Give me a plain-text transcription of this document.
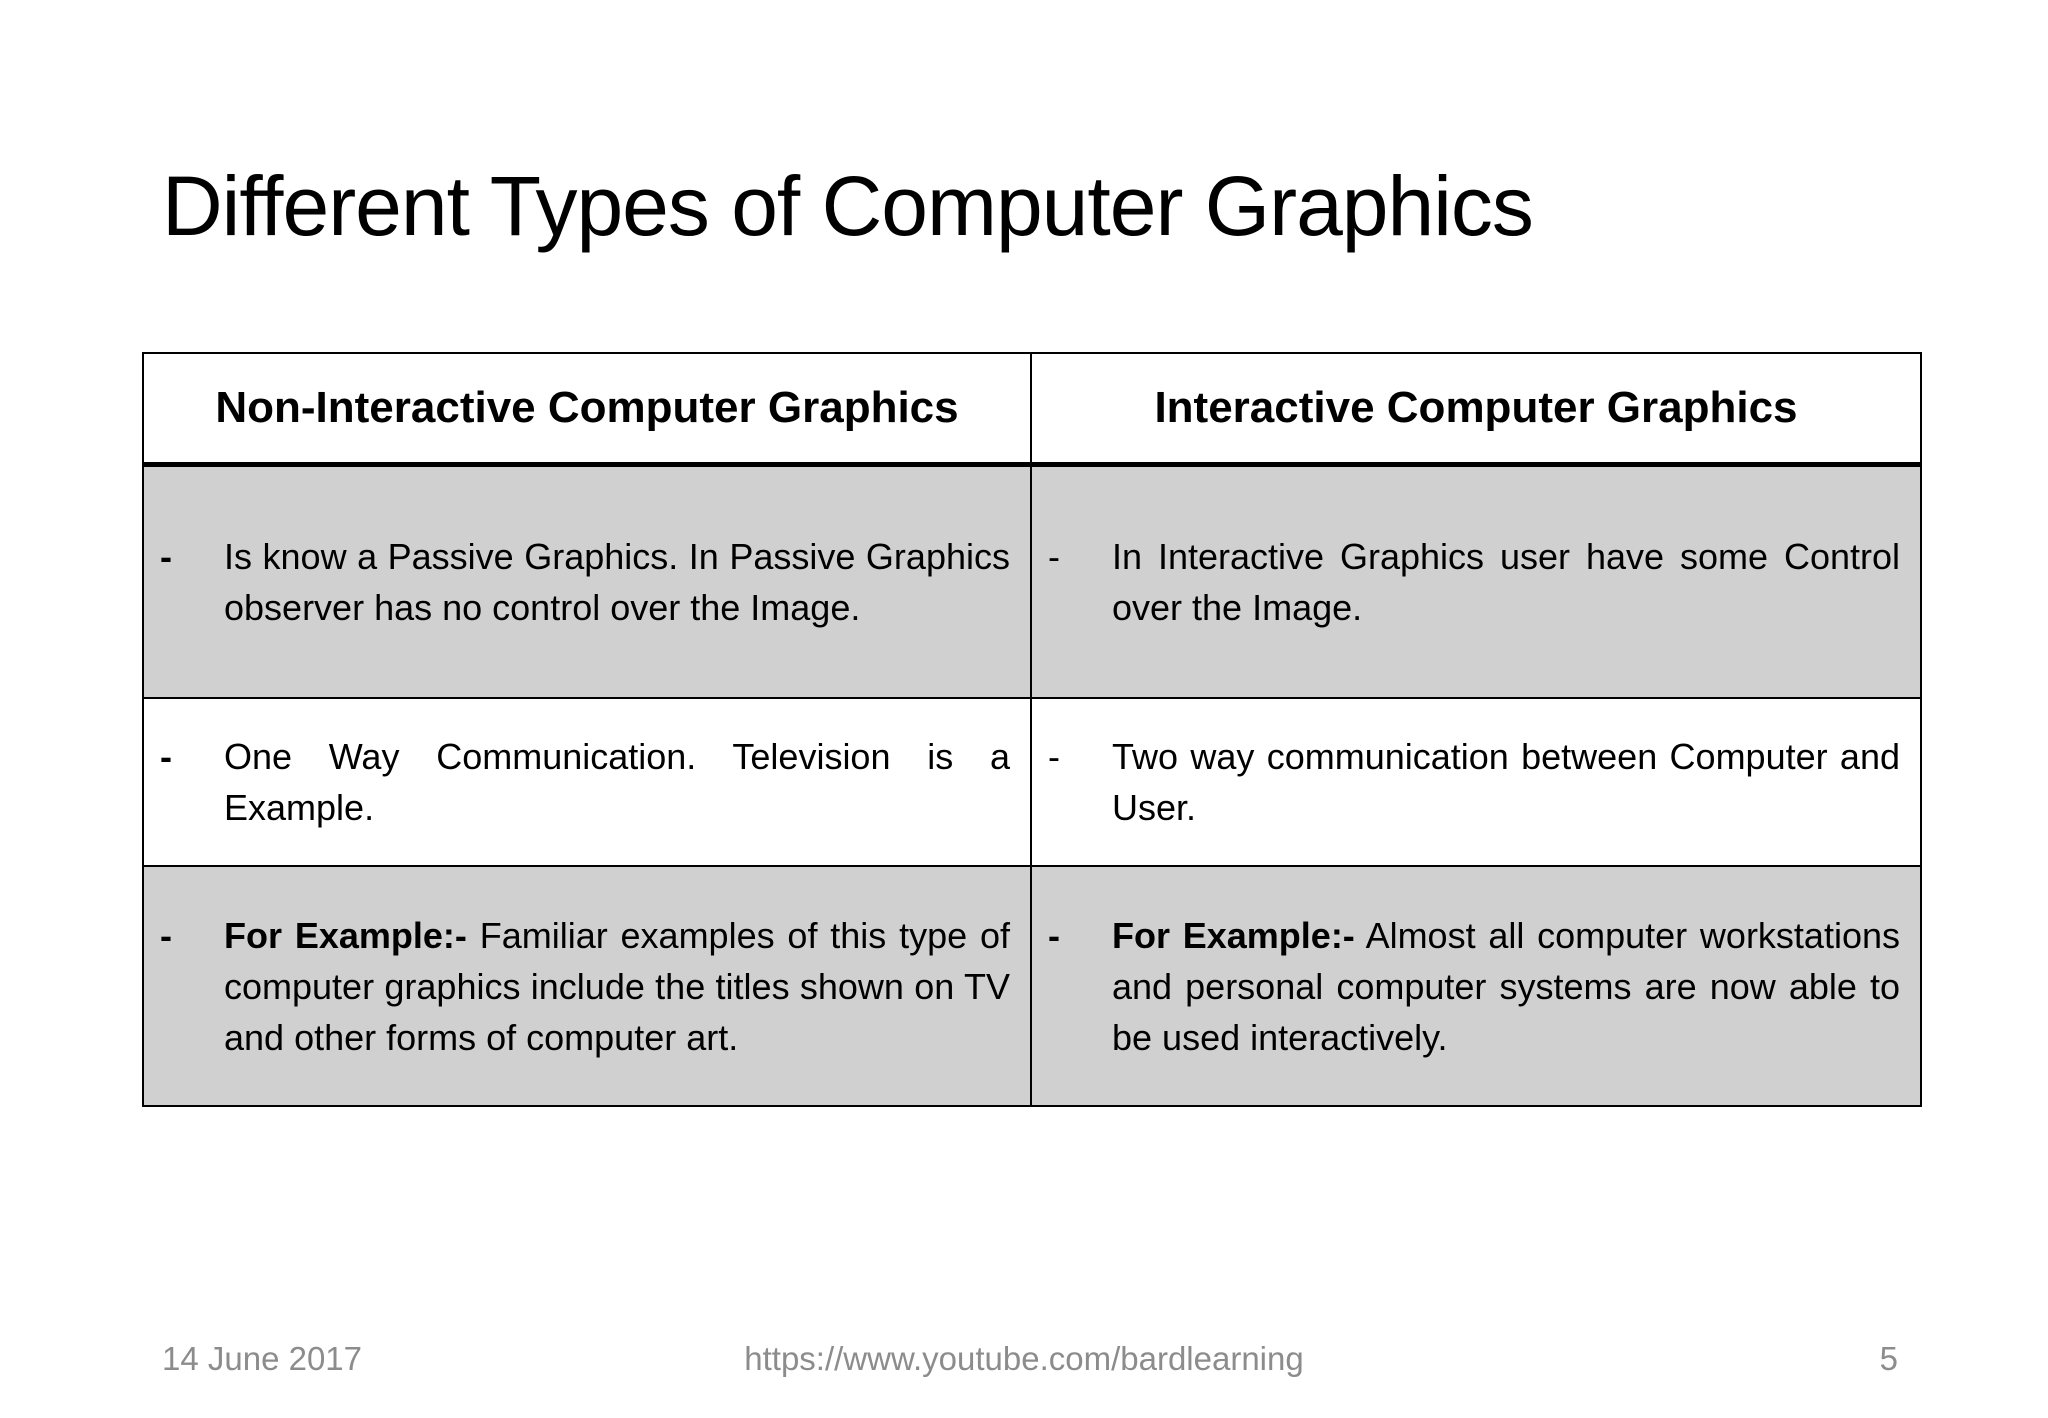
Different Types of Computer Graphics
Non-Interactive Computer Graphics	Interactive Computer Graphics

- Is know a Passive Graphics. In Passive Graphics observer has no control over the Image.	- In Interactive Graphics user have some Control over the Image.

- One Way Communication. Television is a Example.	- Two way communication between Computer and User.

- For Example:- Familiar examples of this type of computer graphics include the titles shown on TV and other forms of computer art.	- For Example:- Almost all computer workstations and personal computer systems are now able to be used interactively.
14 June 2017	https://www.youtube.com/bardlearning	5
